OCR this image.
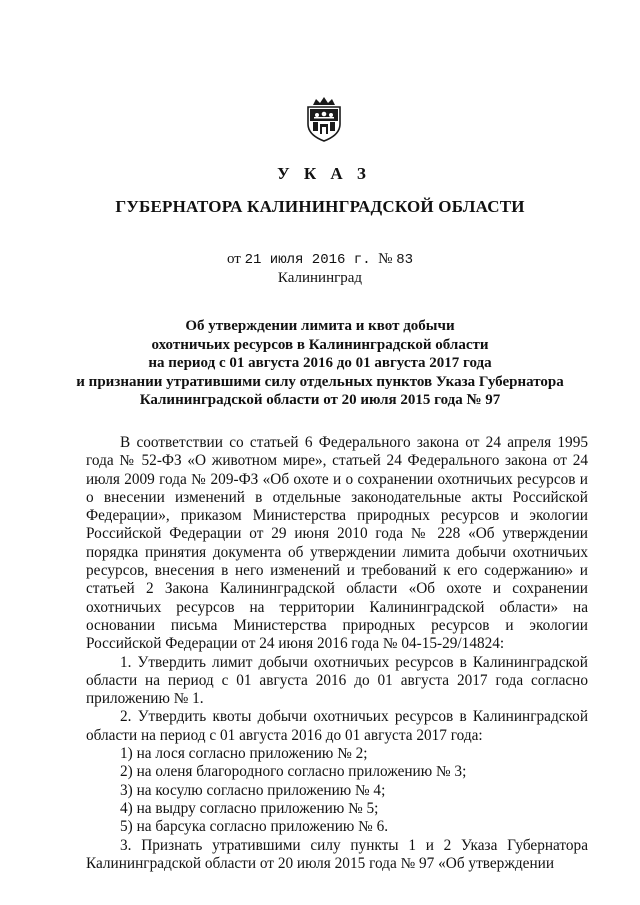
У К А З
ГУБЕРНАТОРА КАЛИНИНГРАДСКОЙ ОБЛАСТИ
от 21 июля 2016 г. № 83
Калининград
Об утверждении лимита и квот добычи
охотничьих ресурсов в Калининградской области
на период с 01 августа 2016 до 01 августа 2017 года
и признании утратившими силу отдельных пунктов Указа Губернатора
Калининградской области от 20 июля 2015 года № 97

В соответствии со статьей 6 Федерального закона от 24 апреля 1995 года № 52-ФЗ «О животном мире», статьей 24 Федерального закона от 24 июля 2009 года № 209-ФЗ «Об охоте и о сохранении охотничьих ресурсов и о внесении изменений в отдельные законодательные акты Российской Федерации», приказом Министерства природных ресурсов и экологии Российской Федерации от 29 июня 2010 года № 228 «Об утверждении порядка принятия документа об утверждении лимита добычи охотничьих ресурсов, внесения в него изменений и требований к его содержанию» и статьей 2 Закона Калининградской области «Об охоте и сохранении охотничьих ресурсов на территории Калининградской области» на основании письма Министерства природных ресурсов и экологии Российской Федерации от 24 июня 2016 года № 04-15-29/14824:

1. Утвердить лимит добычи охотничьих ресурсов в Калининградской области на период с 01 августа 2016 до 01 августа 2017 года согласно приложению № 1.

2. Утвердить квоты добычи охотничьих ресурсов в Калининградской области на период с 01 августа 2016 до 01 августа 2017 года:

1) на лося согласно приложению № 2;

2) на оленя благородного согласно приложению № 3;

3) на косулю согласно приложению № 4;

4) на выдру согласно приложению № 5;

5) на барсука согласно приложению № 6.

3. Признать утратившими силу пункты 1 и 2 Указа Губернатора Калининградской области от 20 июля 2015 года № 97 «Об утверждении
